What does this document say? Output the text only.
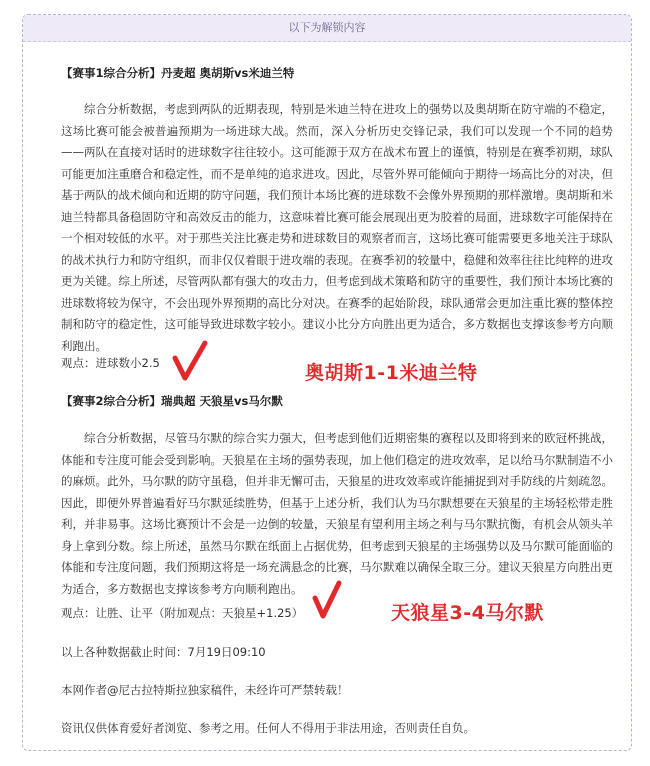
以下为解锁内容

【赛事1综合分析】丹麦超 奥胡斯vs米迪兰特

综合分析数据，考虑到两队的近期表现，特别是米迪兰特在进攻上的强势以及奥胡斯在防守端的不稳定，这场比赛可能会被普遍预期为一场进球大战。然而，深入分析历史交锋记录，我们可以发现一个不同的趋势——两队在直接对话时的进球数字往往较小。这可能源于双方在战术布置上的谨慎，特别是在赛季初期，球队可能更加注重磨合和稳定性，而不是单纯的追求进攻。因此，尽管外界可能倾向于期待一场高比分的对决，但基于两队的战术倾向和近期的防守问题，我们预计本场比赛的进球数不会像外界预期的那样激增。奥胡斯和米迪兰特都具备稳固防守和高效反击的能力，这意味着比赛可能会展现出更为胶着的局面，进球数字可能保持在一个相对较低的水平。对于那些关注比赛走势和进球数目的观察者而言，这场比赛可能需要更多地关注于球队的战术执行力和防守组织，而非仅仅着眼于进攻端的表现。在赛季初的较量中，稳健和效率往往比纯粹的进攻更为关键。综上所述，尽管两队都有强大的攻击力，但考虑到战术策略和防守的重要性，我们预计本场比赛的进球数将较为保守，不会出现外界预期的高比分对决。在赛季的起始阶段，球队通常会更加注重比赛的整体控制和防守的稳定性，这可能导致进球数字较小。建议小比分方向胜出更为适合，多方数据也支撑该参考方向顺利跑出。

观点：进球数小2.5

【赛事2综合分析】瑞典超 天狼星vs马尔默

综合分析数据，尽管马尔默的综合实力强大，但考虑到他们近期密集的赛程以及即将到来的欧冠杯挑战，体能和专注度可能会受到影响。天狼星在主场的强势表现，加上他们稳定的进攻效率，足以给马尔默制造不小的麻烦。此外，马尔默的防守虽稳，但并非无懈可击，天狼星的进攻效率或许能捕捉到对手防线的片刻疏忽。因此，即便外界普遍看好马尔默延续胜势，但基于上述分析，我们认为马尔默想要在天狼星的主场轻松带走胜利，并非易事。这场比赛预计不会是一边倒的较量，天狼星有望利用主场之利与马尔默抗衡，有机会从领头羊身上拿到分数。综上所述，虽然马尔默在纸面上占据优势，但考虑到天狼星的主场强势以及马尔默可能面临的体能和专注度问题，我们预期这将是一场充满悬念的比赛，马尔默难以确保全取三分。建议天狼星方向胜出更为适合，多方数据也支撑该参考方向顺利跑出。

观点：让胜、让平（附加观点：天狼星+1.25）

以上各种数据截止时间：7月19日09:10

本网作者@尼古拉特斯拉独家稿件，未经许可严禁转载！

资讯仅供体育爱好者浏览、参考之用。任何人不得用于非法用途，否则责任自负。

奥胡斯1-1米迪兰特
天狼星3-4马尔默
